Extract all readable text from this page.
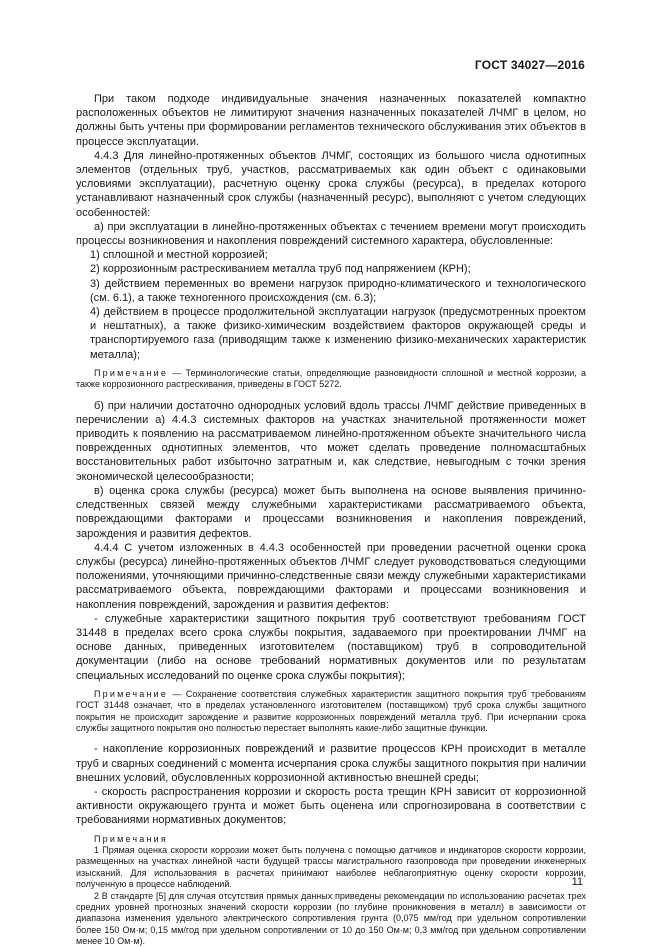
ГОСТ 34027—2016

При таком подходе индивидуальные значения назначенных показателей компактно расположенных объектов не лимитируют значения назначенных показателей ЛЧМГ в целом, но должны быть учтены при формировании регламентов технического обслуживания этих объектов в процессе эксплуатации.

4.4.3 Для линейно-протяженных объектов ЛЧМГ, состоящих из большого числа однотипных элементов (отдельных труб, участков, рассматриваемых как один объект с одинаковыми условиями эксплуатации), расчетную оценку срока службы (ресурса), в пределах которого устанавливают назначенный срок службы (назначенный ресурс), выполняют с учетом следующих особенностей:

а) при эксплуатации в линейно-протяженных объектах с течением времени могут происходить процессы возникновения и накопления повреждений системного характера, обусловленные:

1) сплошной и местной коррозией;

2) коррозионным растрескиванием металла труб под напряжением (КРН);

3) действием переменных во времени нагрузок природно-климатического и технологического (см. 6.1), а также техногенного происхождения (см. 6.3);

4) действием в процессе продолжительной эксплуатации нагрузок (предусмотренных проектом и нештатных), а также физико-химическим воздействием факторов окружающей среды и транспортируемого газа (приводящим также к изменению физико-механических характеристик металла);

Примечание — Терминологические статьи, определяющие разновидности сплошной и местной коррозии, а также коррозионного растрескивания, приведены в ГОСТ 5272.

б) при наличии достаточно однородных условий вдоль трассы ЛЧМГ действие приведенных в перечислении а) 4.4.3 системных факторов на участках значительной протяженности может приводить к появлению на рассматриваемом линейно-протяженном объекте значительного числа поврежденных однотипных элементов, что может сделать проведение полномасштабных восстановительных работ избыточно затратным и, как следствие, невыгодным с точки зрения экономической целесообразности;

в) оценка срока службы (ресурса) может быть выполнена на основе выявления причинно-следственных связей между служебными характеристиками рассматриваемого объекта, повреждающими факторами и процессами возникновения и накопления повреждений, зарождения и развития дефектов.

4.4.4 С учетом изложенных в 4.4.3 особенностей при проведении расчетной оценки срока службы (ресурса) линейно-протяженных объектов ЛЧМГ следует руководствоваться следующими положениями, уточняющими причинно-следственные связи между служебными характеристиками рассматриваемого объекта, повреждающими факторами и процессами возникновения и накопления повреждений, зарождения и развития дефектов:

- служебные характеристики защитного покрытия труб соответствуют требованиям ГОСТ 31448 в пределах всего срока службы покрытия, задаваемого при проектировании ЛЧМГ на основе данных, приведенных изготовителем (поставщиком) труб в сопроводительной документации (либо на основе требований нормативных документов или по результатам специальных исследований по оценке срока службы покрытия);

Примечание — Сохранение соответствия служебных характеристик защитного покрытия труб требованиям ГОСТ 31448 означает, что в пределах установленного изготовителем (поставщиком) труб срока службы защитного покрытия не происходит зарождение и развитие коррозионных повреждений металла труб. При исчерпании срока службы защитного покрытия оно полностью перестает выполнять какие-либо защитные функции.

- накопление коррозионных повреждений и развитие процессов КРН происходит в металле труб и сварных соединений с момента исчерпания срока службы защитного покрытия при наличии внешних условий, обусловленных коррозионной активностью внешней среды;

- скорость распространения коррозии и скорость роста трещин КРН зависит от коррозионной активности окружающего грунта и может быть оценена или спрогнозирована в соответствии с требованиями нормативных документов;

Примечания

1 Прямая оценка скорости коррозии может быть получена с помощью датчиков и индикаторов скорости коррозии, размещенных на участках линейной части будущей трассы магистрального газопровода при проведении инженерных изысканий. Для использования в расчетах принимают наиболее неблагоприятную оценку скорости коррозии, полученную в процессе наблюдений.

2 В стандарте [5] для случая отсутствия прямых данных приведены рекомендации по использованию расчетах трех средних уровней прогнозных значений скорости коррозии (по глубине проникновения в металл) в зависимости от диапазона изменения удельного электрического сопротивления грунта (0,075 мм/год при удельном сопротивлении более 150 Ом·м; 0,15 мм/год при удельном сопротивлении от 10 до 150 Ом·м; 0,3 мм/год при удельном сопротивлении менее 10 Ом·м).

11
